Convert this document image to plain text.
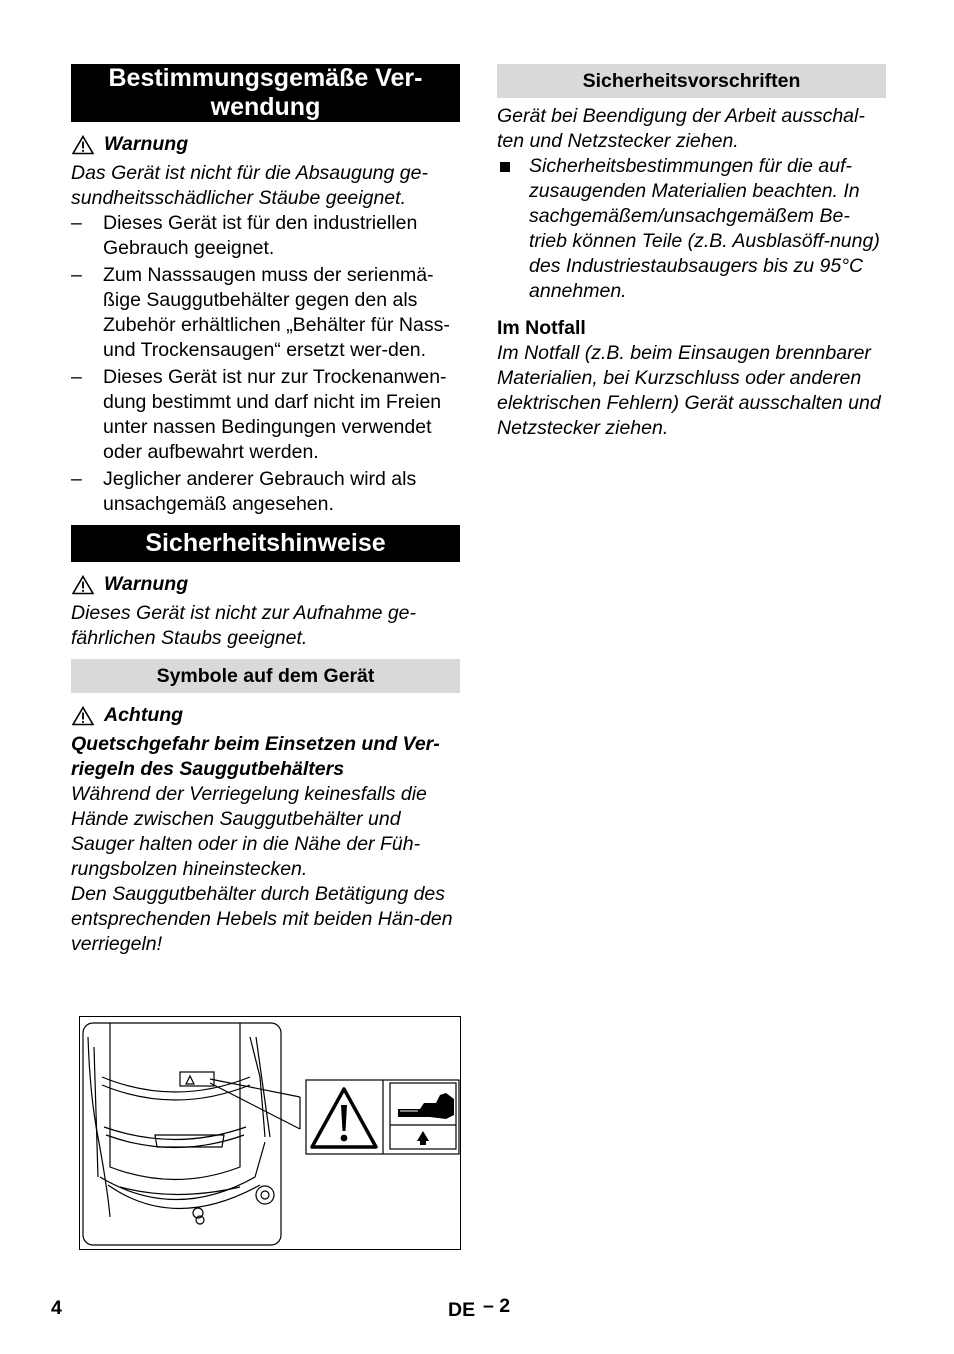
Bestimmungsgemäße Ver-
wendung
Warnung

Das Gerät ist nicht für die Absaugung ge-sundheitsschädlicher Stäube geeignet.

–	Dieses Gerät ist für den industriellen Gebrauch geeignet.
–	Zum Nasssaugen muss der serienmä-ßige Sauggutbehälter gegen den als Zubehör erhältlichen „Behälter für Nass- und Trockensaugen“ ersetzt wer-den.
–	Dieses Gerät ist nur zur Trockenanwen-dung bestimmt und darf nicht im Freien unter nassen Bedingungen verwendet oder aufbewahrt werden.
–	Jeglicher anderer Gebrauch wird als unsachgemäß angesehen.
Sicherheitshinweise
Warnung

Dieses Gerät ist nicht zur Aufnahme ge-fährlichen Staubs geeignet.

Symbole auf dem Gerät
Achtung

Quetschgefahr beim Einsetzen und Ver-riegeln des Sauggutbehälters

Während der Verriegelung keinesfalls die Hände zwischen Sauggutbehälter und Sauger halten oder in die Nähe der Füh-rungsbolzen hineinstecken.

Den Sauggutbehälter durch Betätigung des entsprechenden Hebels mit beiden Hän-den verriegeln!

Sicherheitsvorschriften

Gerät bei Beendigung der Arbeit ausschal-ten und Netzstecker ziehen.

Sicherheitsbestimmungen für die auf-zusaugenden Materialien beachten. In sachgemäßem/unsachgemäßem Be-trieb können Teile (z.B. Ausblasöff-nung) des Industriestaubsaugers bis zu 95°C annehmen.

Im Notfall

Im Notfall (z.B. beim Einsaugen brennbarer Materialien, bei Kurzschluss oder anderen elektrischen Fehlern) Gerät ausschalten und Netzstecker ziehen.

4	DE – 2
